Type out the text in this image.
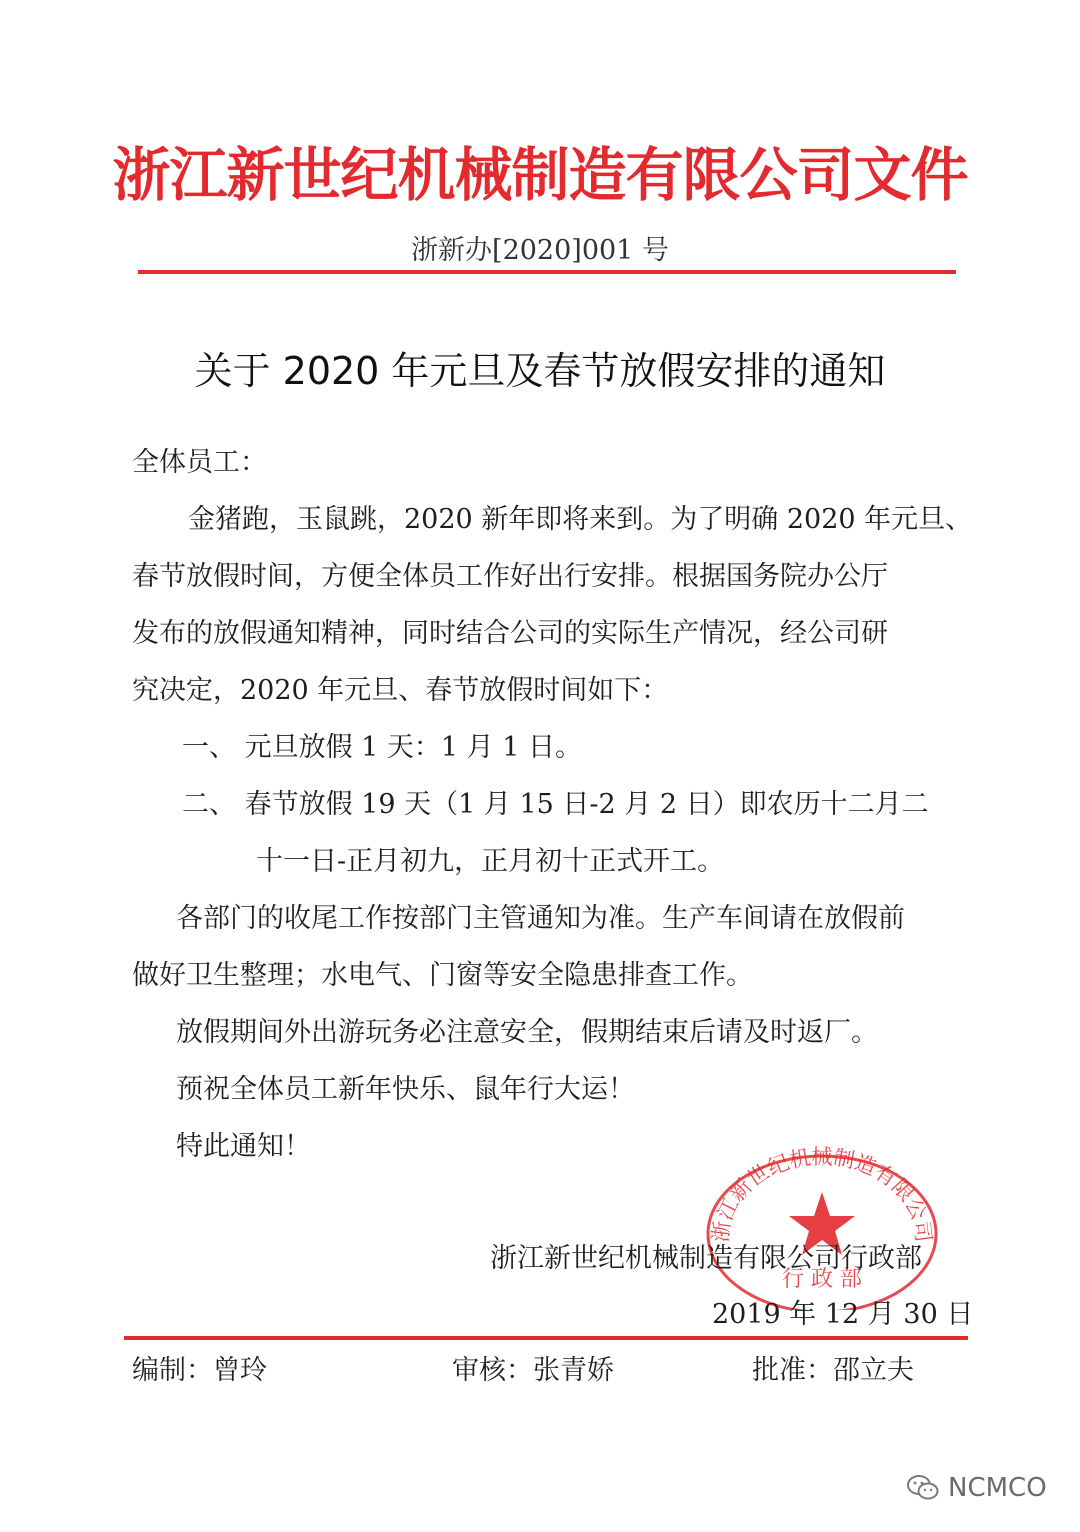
浙江新世纪机械制造有限公司文件
浙新办[2020]001 号
关于 2020 年元旦及春节放假安排的通知
全体员工：
金猪跑，玉鼠跳，2020 新年即将来到。为了明确 2020 年元旦、
春节放假时间，方便全体员工作好出行安排。根据国务院办公厅
发布的放假通知精神，同时结合公司的实际生产情况，经公司研
究决定，2020 年元旦、春节放假时间如下：
一、 元旦放假 1 天：1 月 1 日。
二、 春节放假 19 天（1 月 15 日-2 月 2 日）即农历十二月二
十一日-正月初九，正月初十正式开工。
各部门的收尾工作按部门主管通知为准。生产车间请在放假前
做好卫生整理；水电气、门窗等安全隐患排查工作。
放假期间外出游玩务必注意安全，假期结束后请及时返厂。
预祝全体员工新年快乐、鼠年行大运！
特此通知！
浙江新世纪机械制造有限公司
行 政 部
浙江新世纪机械制造有限公司行政部
2019 年 12 月 30 日
编制：曾玲	审核：张青娇	批准：邵立夫
NCMCO
